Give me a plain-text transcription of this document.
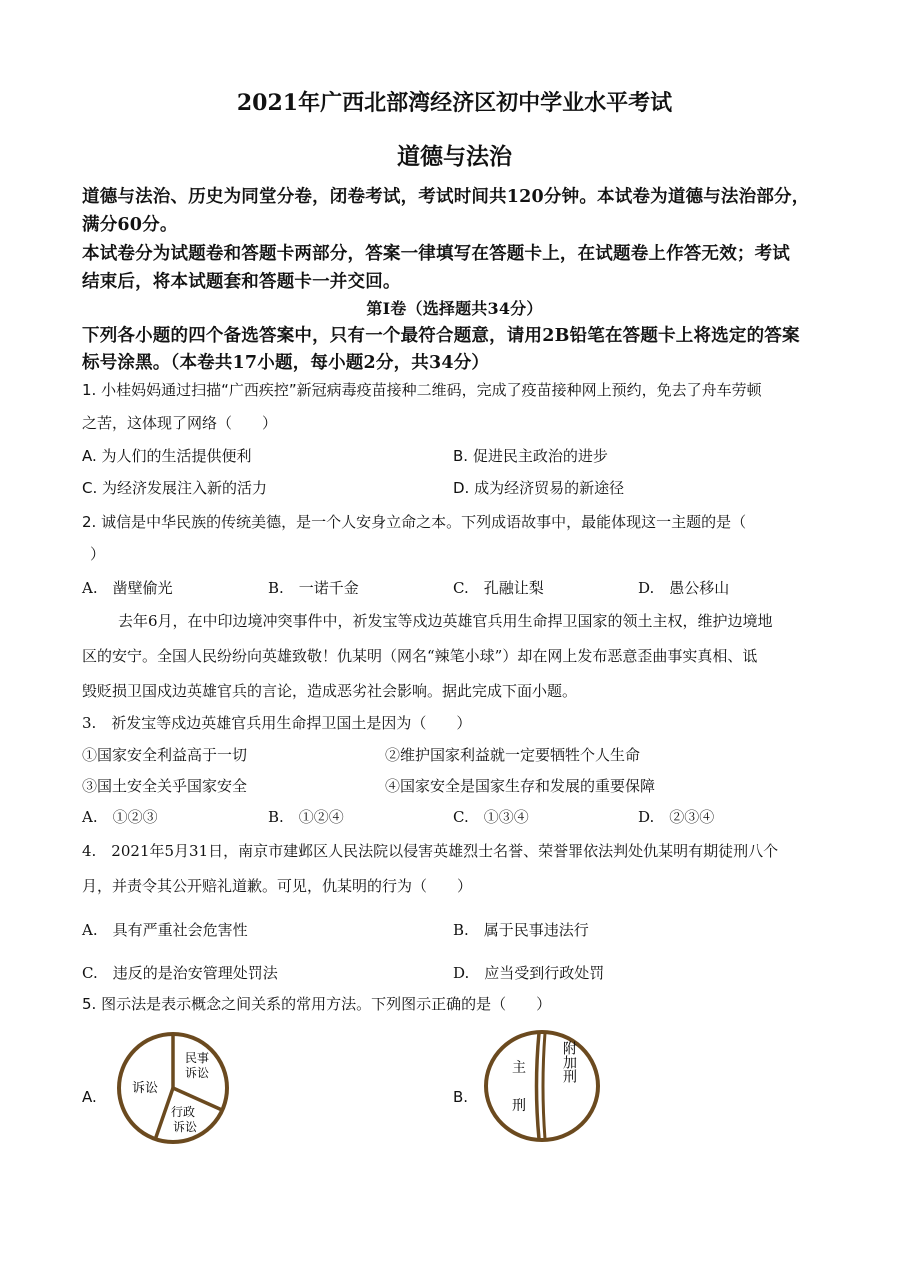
2021年广西北部湾经济区初中学业水平考试
道德与法治
道德与法治、历史为同堂分卷，闭卷考试，考试时间共120分钟。本试卷为道德与法治部分，
满分60分。
本试卷分为试题卷和答题卡两部分，答案一律填写在答题卡上，在试题卷上作答无效；考试
结束后，将本试题套和答题卡一并交回。
第Ⅰ卷（选择题共34分）
下列各小题的四个备选答案中，只有一个最符合题意，请用2B铅笔在答题卡上将选定的答案
标号涂黑。（本卷共17小题，每小题2分，共34分）
1. 小桂妈妈通过扫描“广西疾控”新冠病毒疫苗接种二维码，完成了疫苗接种网上预约，免去了舟车劳顿
之苦，这体现了网络（　　）
A. 为人们的生活提供便利	B. 促进民主政治的进步
C. 为经济发展注入新的活力	D. 成为经济贸易的新途径
2. 诚信是中华民族的传统美德，是一个人安身立命之本。下列成语故事中，最能体现这一主题的是（
）
A.　凿壁偷光	B.　一诺千金	C.　孔融让梨	D.　愚公移山
去年6月，在中印边境冲突事件中，祈发宝等戍边英雄官兵用生命捍卫国家的领土主权，维护边境地
区的安宁。全国人民纷纷向英雄致敬！仇某明（网名“辣笔小球”）却在网上发布恶意歪曲事实真相、诋
毁贬损卫国戍边英雄官兵的言论，造成恶劣社会影响。据此完成下面小题。
3.　祈发宝等戍边英雄官兵用生命捍卫国土是因为（　　）
①国家安全利益高于一切	②维护国家利益就一定要牺牲个人生命
③国土安全关乎国家安全	④国家安全是国家生存和发展的重要保障
A.　①②③	B.　①②④	C.　①③④	D.　②③④
4.　2021年5月31日，南京市建邺区人民法院以侵害英雄烈士名誉、荣誉罪依法判处仇某明有期徒刑八个
月，并责令其公开赔礼道歉。可见，仇某明的行为（　　）
A.　具有严重社会危害性	B.　属于民事违法行
C.　违反的是治安管理处罚法	D.　应当受到行政处罚
5. 图示法是表示概念之间关系的常用方法。下列图示正确的是（　　）
A.	B.
诉讼
民事
诉讼
行政
诉讼
主
刑
附加刑
